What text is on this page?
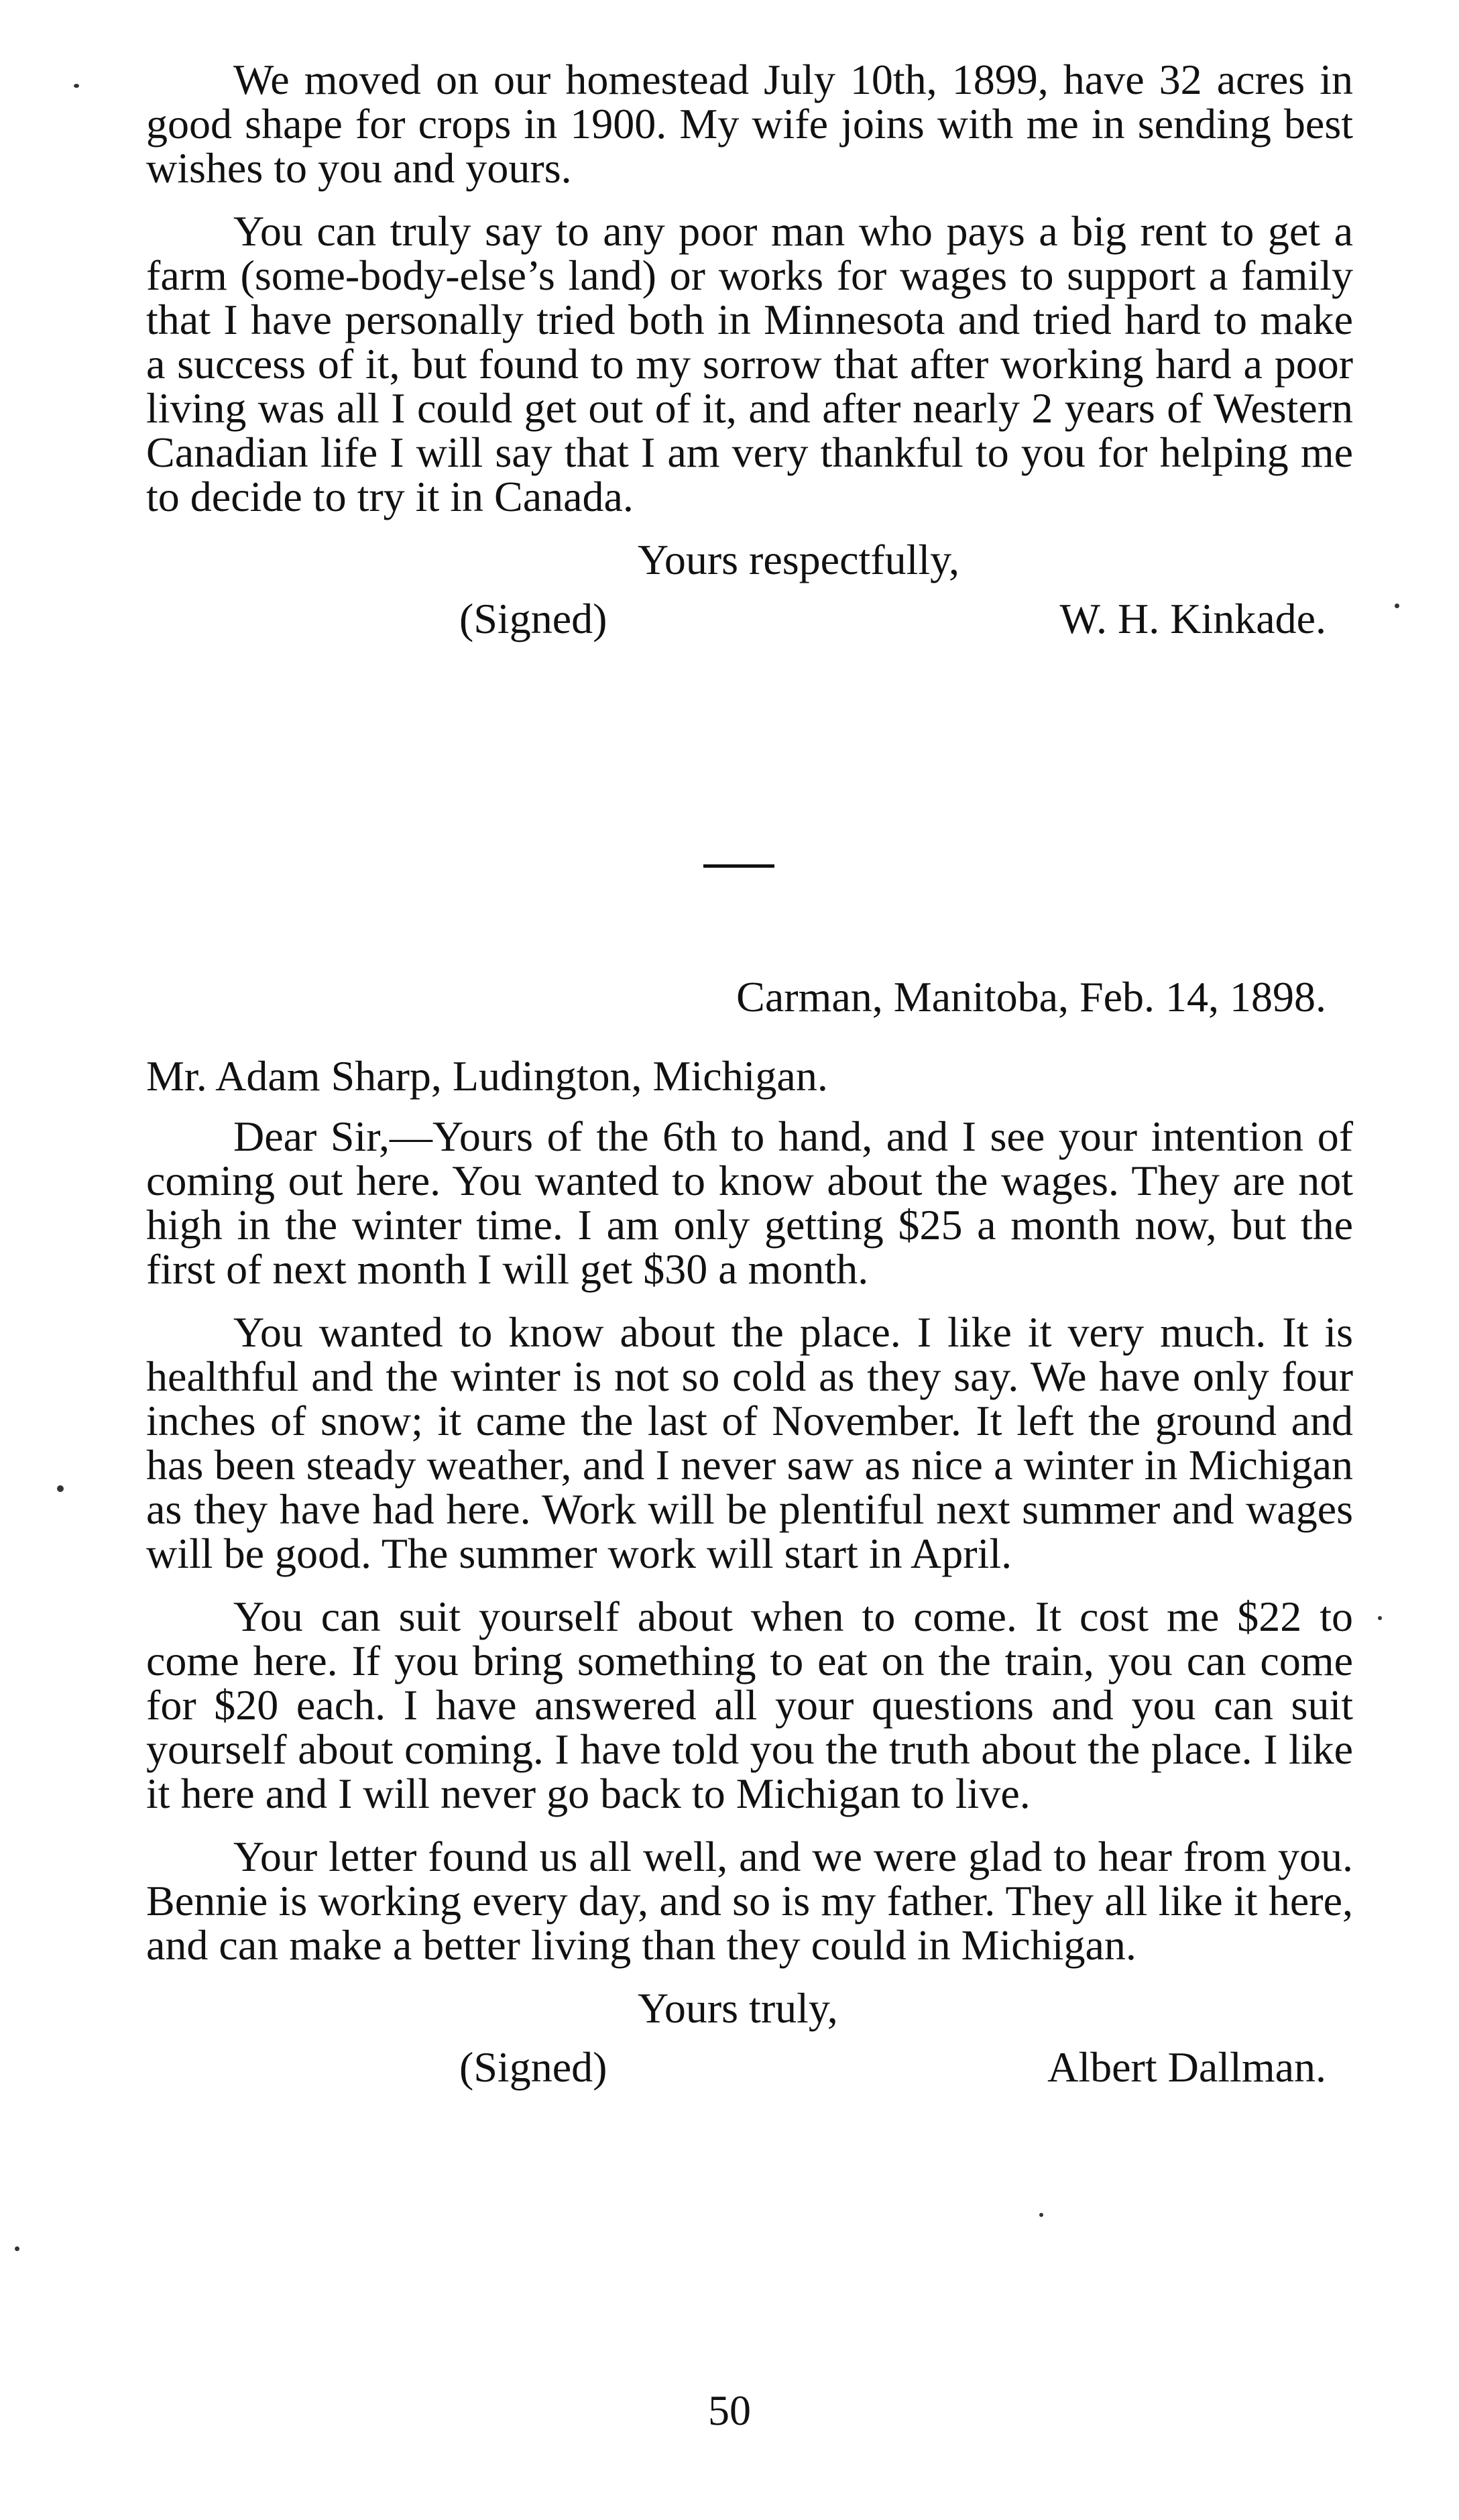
We moved on our homestead July 10th, 1899, have 32 acres in good shape for crops in 1900. My wife joins with me in sending best wishes to you and yours.

You can truly say to any poor man who pays a big rent to get a farm (some-body-else’s land) or works for wages to support a family that I have personally tried both in Minnesota and tried hard to make a success of it, but found to my sorrow that after working hard a poor living was all I could get out of it, and after nearly 2 years of Western Canadian life I will say that I am very thankful to you for helping me to decide to try it in Canada.

Yours respectfully,

(Signed)	W. H. Kinkade.

Carman, Manitoba, Feb. 14, 1898.

Mr. Adam Sharp, Ludington, Michigan.

Dear Sir,—Yours of the 6th to hand, and I see your intention of coming out here. You wanted to know about the wages. They are not high in the winter time. I am only getting $25 a month now, but the first of next month I will get $30 a month.

You wanted to know about the place. I like it very much. It is healthful and the winter is not so cold as they say. We have only four inches of snow; it came the last of November. It left the ground and has been steady weather, and I never saw as nice a winter in Michigan as they have had here. Work will be plentiful next summer and wages will be good. The summer work will start in April.

You can suit yourself about when to come. It cost me $22 to come here. If you bring something to eat on the train, you can come for $20 each. I have answered all your questions and you can suit yourself about coming. I have told you the truth about the place. I like it here and I will never go back to Michigan to live.

Your letter found us all well, and we were glad to hear from you. Bennie is working every day, and so is my father. They all like it here, and can make a better living than they could in Michigan.

Yours truly,

(Signed)	Albert Dallman.
50
